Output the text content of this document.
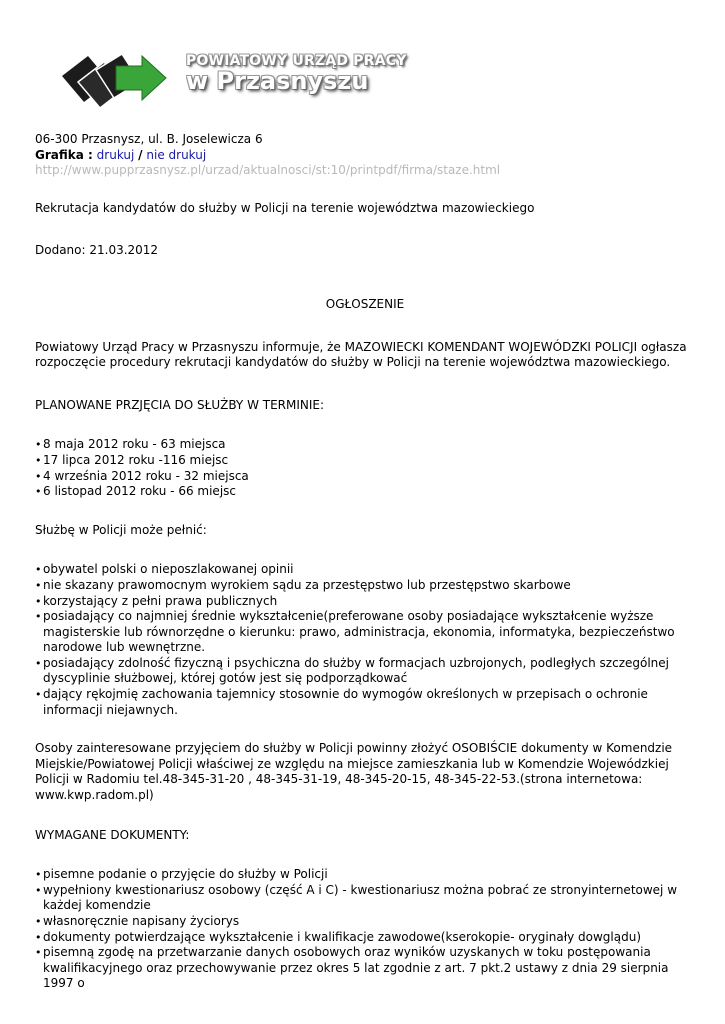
POWIATOWY URZĄD PRACY
w Przasnyszu

06-300 Przasnysz, ul. B. Joselewicza 6

Grafika : drukuj / nie drukuj

http://www.pupprzasnysz.pl/urzad/aktualnosci/st:10/printpdf/firma/staze.html

Rekrutacja kandydatów do służby w Policji na terenie województwa mazowieckiego

Dodano: 21.03.2012

OGŁOSZENIE

Powiatowy Urząd Pracy w Przasnyszu informuje, że MAZOWIECKI KOMENDANT WOJEWÓDZKI POLICJI ogłasza rozpoczęcie procedury rekrutacji kandydatów do służby w Policji na terenie województwa mazowieckiego.

PLANOWANE PRZJĘCIA DO SŁUŻBY W TERMINIE:

• 8 maja 2012 roku - 63 miejsca
• 17 lipca 2012 roku -116 miejsc
• 4 września 2012 roku - 32 miejsca
• 6 listopad 2012 roku - 66 miejsc

Służbę w Policji może pełnić:

• obywatel polski o nieposzlakowanej opinii
• nie skazany prawomocnym wyrokiem sądu za przestępstwo lub przestępstwo skarbowe
• korzystający z pełni prawa publicznych
• posiadający co najmniej średnie wykształcenie(preferowane osoby posiadające wykształcenie wyższe magisterskie lub równorzędne o kierunku: prawo, administracja, ekonomia, informatyka, bezpieczeństwo narodowe lub wewnętrzne.
• posiadający zdolność fizyczną i psychiczna do służby w formacjach uzbrojonych, podległych szczególnej dyscyplinie służbowej, której gotów jest się podporządkować
• dający rękojmię zachowania tajemnicy stosownie do wymogów określonych w przepisach o ochronie informacji niejawnych.

Osoby zainteresowane przyjęciem do służby w Policji powinny złożyć OSOBIŚCIE dokumenty w Komendzie Miejskie/Powiatowej Policji właściwej ze względu na miejsce zamieszkania lub w Komendzie Wojewódzkiej Policji w Radomiu tel.48-345-31-20 , 48-345-31-19, 48-345-20-15, 48-345-22-53.(strona internetowa: www.kwp.radom.pl)

WYMAGANE DOKUMENTY:

• pisemne podanie o przyjęcie do służby w Policji
• wypełniony kwestionariusz osobowy (część A i C) - kwestionariusz można pobrać ze stronyinternetowej w każdej komendzie
• własnoręcznie napisany życiorys
• dokumenty potwierdzające wykształcenie i kwalifikacje zawodowe(kserokopie- oryginały dowglądu)
• pisemną zgodę na przetwarzanie danych osobowych oraz wyników uzyskanych w toku postępowania kwalifikacyjnego oraz przechowywanie przez okres 5 lat zgodnie z art. 7 pkt.2 ustawy z dnia 29 sierpnia 1997 o
